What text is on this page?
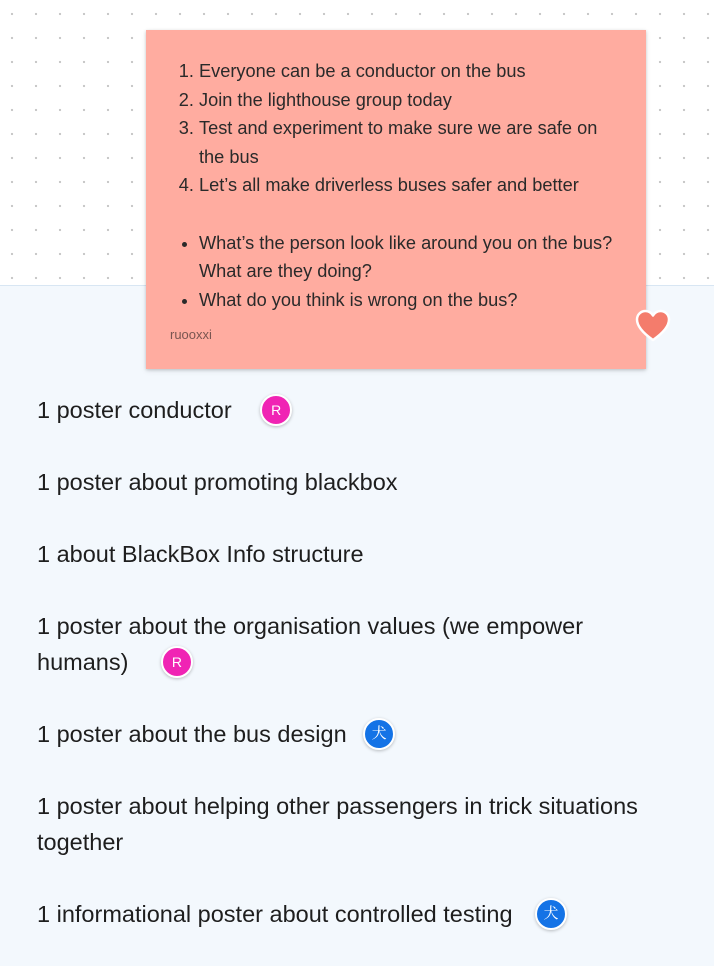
1. Everyone can be a conductor on the bus
2. Join the lighthouse group today
3. Test and experiment to make sure we are safe on the bus
4. Let’s all make driverless buses safer and better
• What’s the person look like around you on the bus? What are they doing?
• What do you think is wrong on the bus?
ruooxxi
1 poster conductor	R
1 poster about promoting blackbox
1 about BlackBox Info structure
1 poster about the organisation values (we empower humans)	R
1 poster about the bus design 犬
1 poster about helping other passengers in trick situations together
1 informational poster about controlled testing 犬
